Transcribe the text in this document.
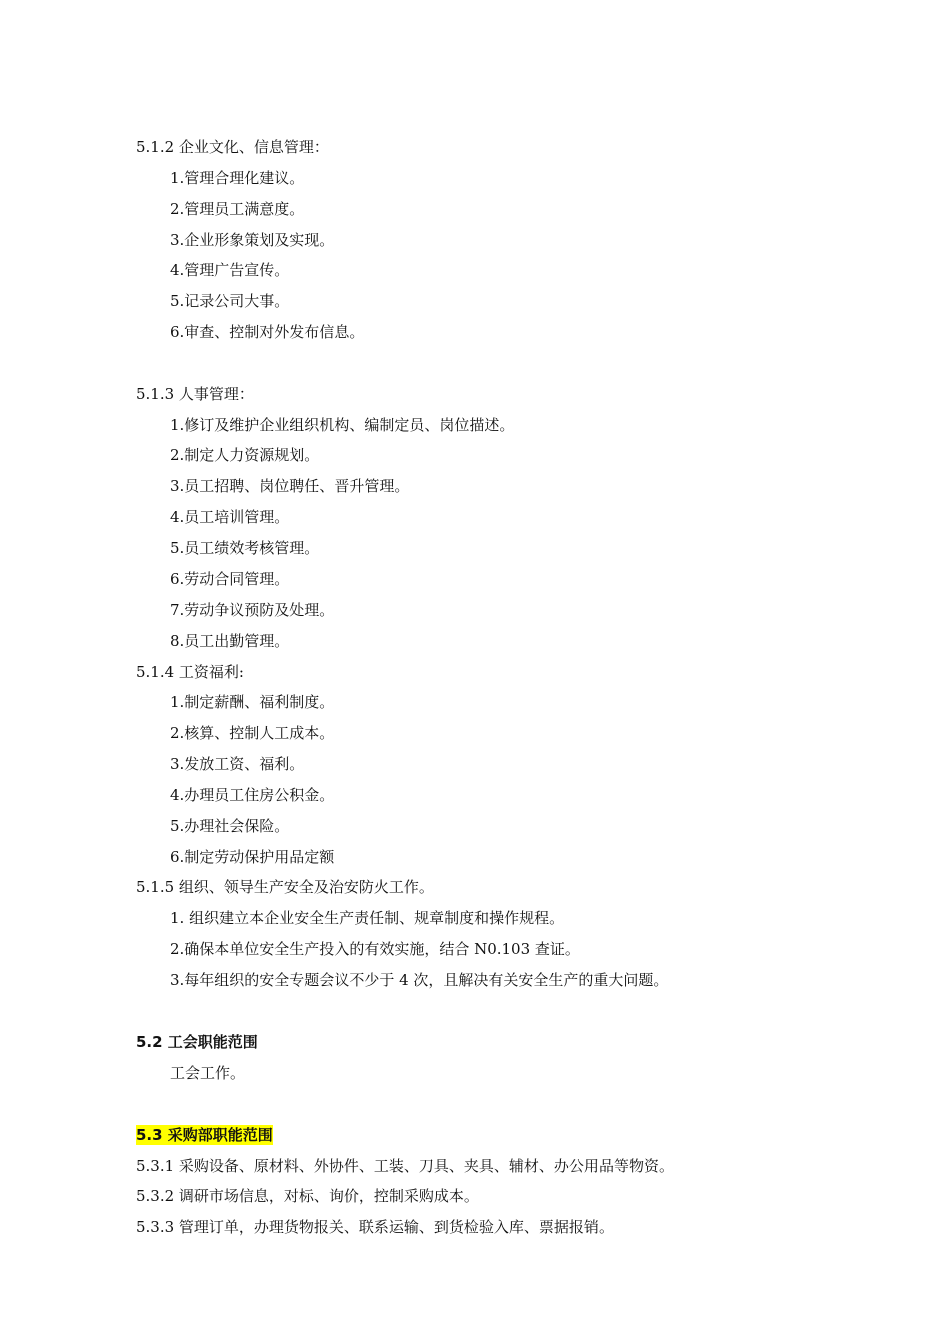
5.1.2 企业文化、信息管理：
1.管理合理化建议。
2.管理员工满意度。
3.企业形象策划及实现。
4.管理广告宣传。
5.记录公司大事。
6.审查、控制对外发布信息。
5.1.3 人事管理：
1.修订及维护企业组织机构、编制定员、岗位描述。
2.制定人力资源规划。
3.员工招聘、岗位聘任、晋升管理。
4.员工培训管理。
5.员工绩效考核管理。
6.劳动合同管理。
7.劳动争议预防及处理。
8.员工出勤管理。
5.1.4 工资福利:
1.制定薪酬、福利制度。
2.核算、控制人工成本。
3.发放工资、福利。
4.办理员工住房公积金。
5.办理社会保险。
6.制定劳动保护用品定额
5.1.5 组织、领导生产安全及治安防火工作。
1. 组织建立本企业安全生产责任制、规章制度和操作规程。
2.确保本单位安全生产投入的有效实施，结合 N0.103 查证。
3.每年组织的安全专题会议不少于 4 次，且解决有关安全生产的重大问题。
5.2 工会职能范围
工会工作。
5.3 采购部职能范围
5.3.1 采购设备、原材料、外协件、工装、刀具、夹具、辅材、办公用品等物资。
5.3.2 调研市场信息，对标、询价，控制采购成本。
5.3.3 管理订单，办理货物报关、联系运输、到货检验入库、票据报销。
